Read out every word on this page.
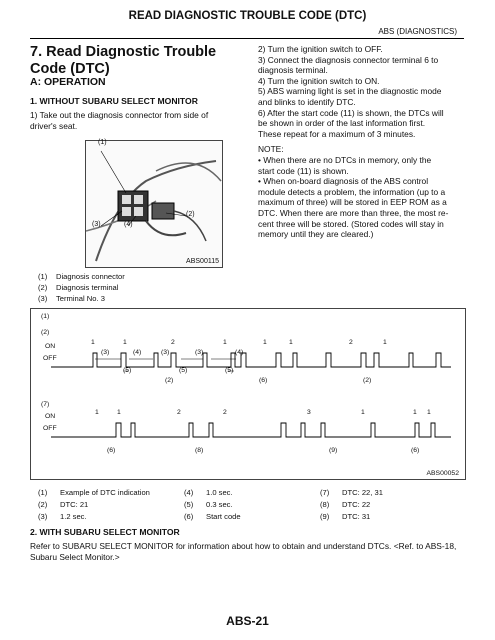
READ DIAGNOSTIC TROUBLE CODE (DTC)
ABS (DIAGNOSTICS)
7. Read Diagnostic Trouble Code (DTC)
A: OPERATION
1. WITHOUT SUBARU SELECT MONITOR
1) Take out the diagnosis connector from side of driver's seat.
(1)
(3)	(4)
(2)
ABS00115
(1) Diagnosis connector
(2) Diagnosis terminal
(3) Terminal No. 3
2) Turn the ignition switch to OFF.
3) Connect the diagnosis connector terminal 6 to
diagnosis terminal.
4) Turn the ignition switch to ON.
5) ABS warning light is set in the diagnostic mode
and blinks to identify DTC.
6) After the start code (11) is shown, the DTCs will
be shown in order of the last information first.
These repeat for a maximum of 3 minutes.
NOTE:
• When there are no DTCs in memory, only the
start code (11) is shown.
• When on-board diagnosis of the ABS control
module detects a problem, the information (up to a
maximum of three) will be stored in EEP ROM as a
DTC. When there are more than three, the most re-
cent three will be stored. (Stored codes will stay in
memory until they are cleared.)
(1)
(2)
ON
OFF
1	1	2	1	1	1	2	1
(3)	(4)	(3)	(3)	(4)
(5)	(5)	(5)
(2)	(6)	(2)
(7)
ON
OFF
1	1	2	2	3	1	1 1
(6)	(8)	(9)	(6)
ABS00052
(1) Example of DTC indication
(2) DTC: 21
(3) 1.2 sec.
(4) 1.0 sec.
(5) 0.3 sec.
(6) Start code
(7) DTC: 22, 31
(8) DTC: 22
(9) DTC: 31
2. WITH SUBARU SELECT MONITOR
Refer to SUBARU SELECT MONITOR for information about how to obtain and understand DTCs. <Ref. to ABS-18, Subaru Select Monitor.>
ABS-21
